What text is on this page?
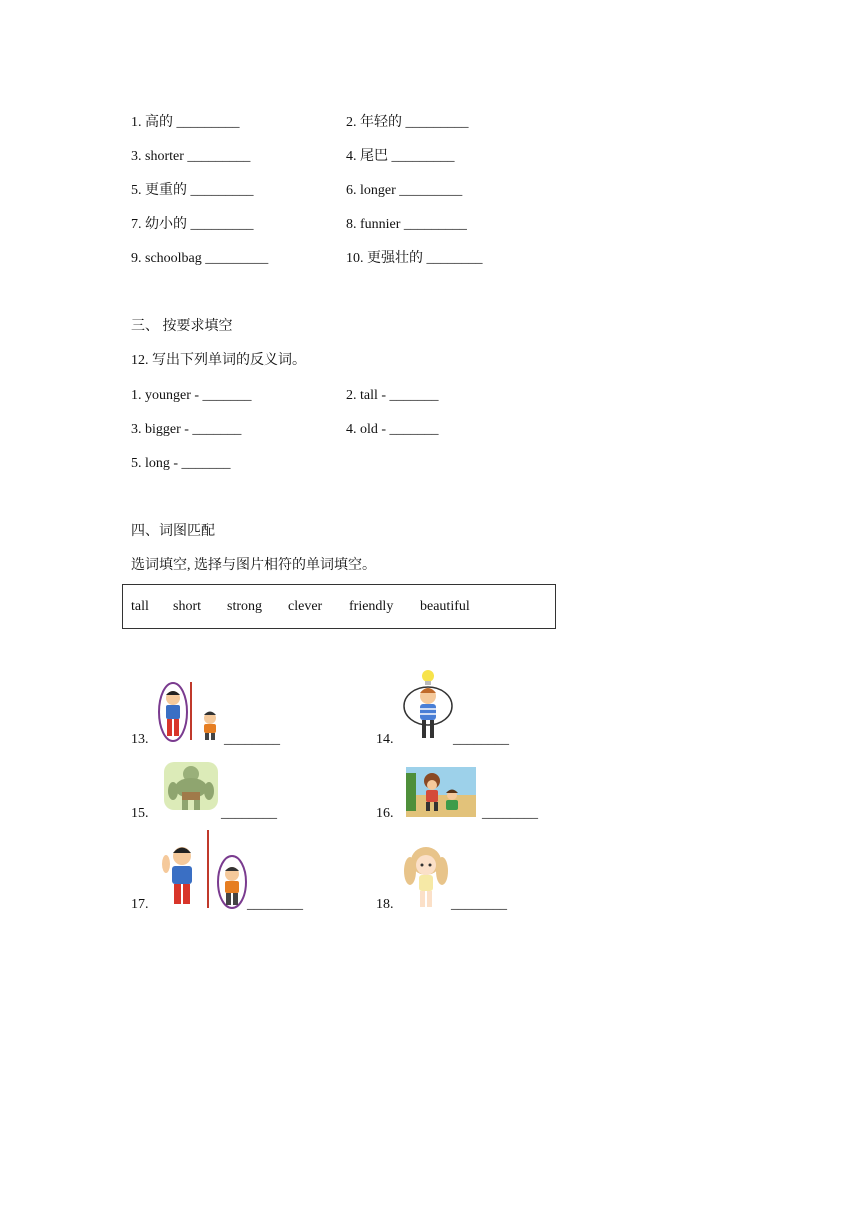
1. 高的 _________	2. 年轻的 _________
3. shorter _________	4. 尾巴 _________
5. 更重的 _________	6. longer _________
7. 幼小的 _________	8. funnier _________
9. schoolbag _________	10. 更强壮的 ________
三、 按要求填空
12. 写出下列单词的反义词。
1. younger - _______	2. tall - _______
3. bigger - _______	4. old - _______
5. long - _______
四、词图匹配
选词填空, 选择与图片相符的单词填空。
tall short strong clever friendly beautiful
13.	________	14.	________
15.	________	16.	________
17.	________	18.	________
